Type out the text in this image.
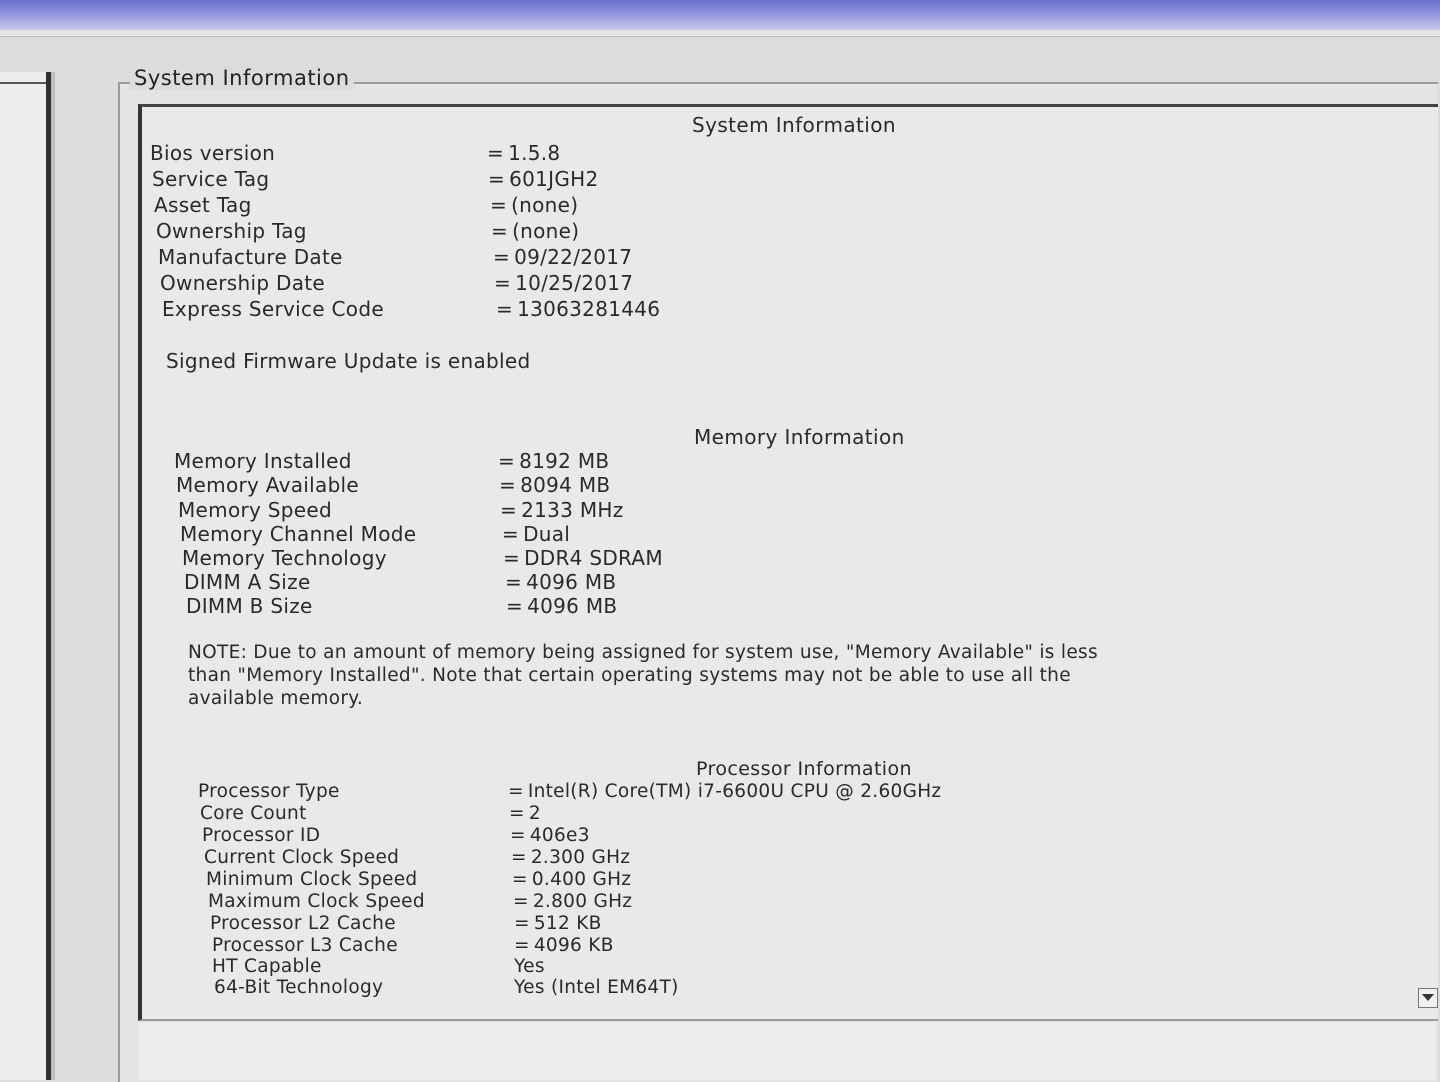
System Information
System Information
Bios version	= 1.5.8
Service Tag	= 601JGH2
Asset Tag	= (none)
Ownership Tag	= (none)
Manufacture Date	= 09/22/2017
Ownership Date	= 10/25/2017
Express Service Code	= 13063281446
Signed Firmware Update is enabled
Memory Information
Memory Installed	= 8192 MB
Memory Available	= 8094 MB
Memory Speed	= 2133 MHz
Memory Channel Mode	= Dual
Memory Technology	= DDR4 SDRAM
DIMM A Size	= 4096 MB
DIMM B Size	= 4096 MB
NOTE: Due to an amount of memory being assigned for system use, "Memory Available" is less
than "Memory Installed". Note that certain operating systems may not be able to use all the
available memory.
Processor Information
Processor Type	= Intel(R) Core(TM) i7-6600U CPU @ 2.60GHz
Core Count	= 2
Processor ID	= 406e3
Current Clock Speed	= 2.300 GHz
Minimum Clock Speed	= 0.400 GHz
Maximum Clock Speed	= 2.800 GHz
Processor L2 Cache	= 512 KB
Processor L3 Cache	= 4096 KB
HT Capable	Yes
64-Bit Technology	Yes (Intel EM64T)
